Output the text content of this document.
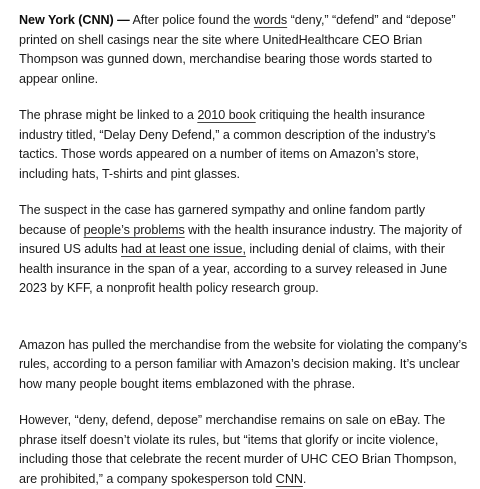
New York (CNN) — After police found the words “deny,” “defend” and “depose” printed on shell casings near the site where UnitedHealthcare CEO Brian Thompson was gunned down, merchandise bearing those words started to appear online.

The phrase might be linked to a 2010 book critiquing the health insurance industry titled, “Delay Deny Defend,” a common description of the industry’s tactics. Those words appeared on a number of items on Amazon’s store, including hats, T-shirts and pint glasses.

The suspect in the case has garnered sympathy and online fandom partly because of people’s problems with the health insurance industry. The majority of insured US adults had at least one issue, including denial of claims, with their health insurance in the span of a year, according to a survey released in June 2023 by KFF, a nonprofit health policy research group.

Amazon has pulled the merchandise from the website for violating the company’s rules, according to a person familiar with Amazon’s decision making. It’s unclear how many people bought items emblazoned with the phrase.

However, “deny, defend, depose” merchandise remains on sale on eBay. The phrase itself doesn’t violate its rules, but “items that glorify or incite violence, including those that celebrate the recent murder of UHC CEO Brian Thompson, are prohibited,” a company spokesperson told CNN.
